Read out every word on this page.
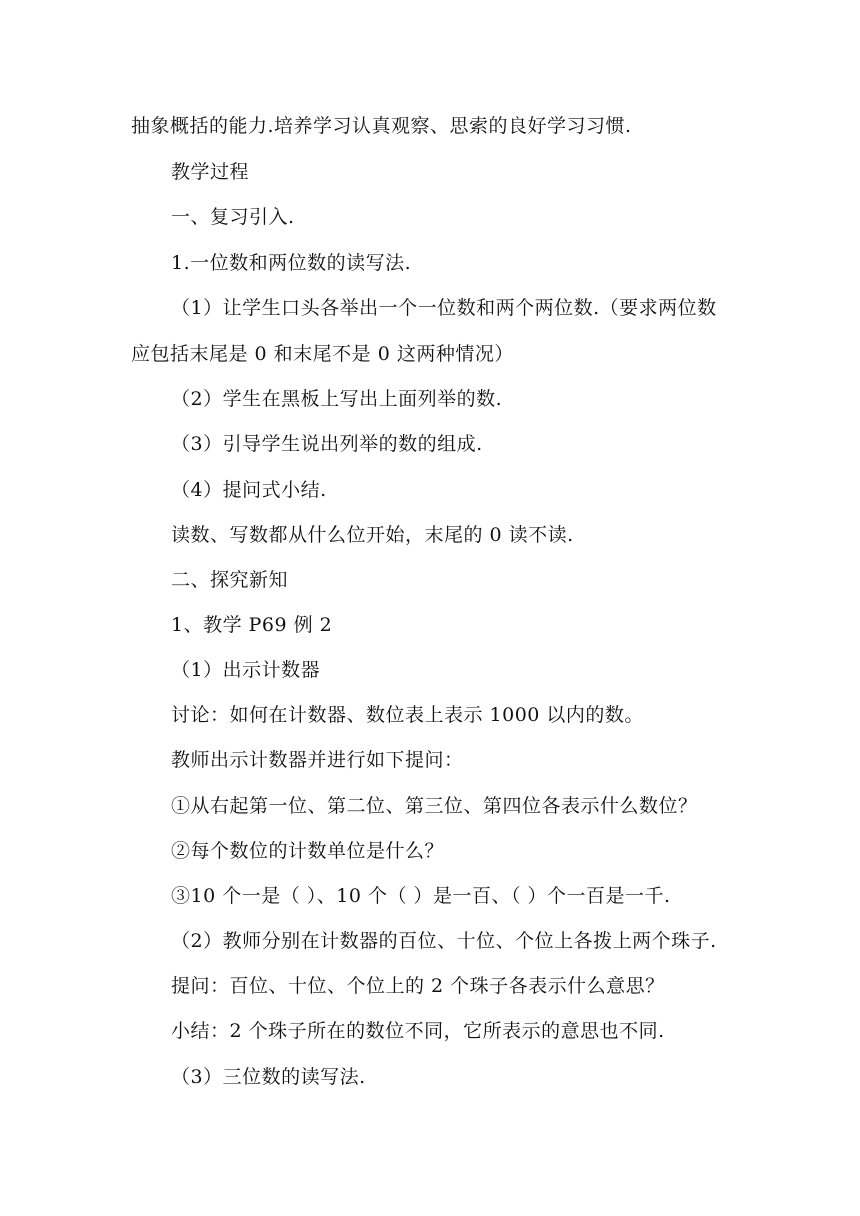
抽象概括的能力.培养学习认真观察、思索的良好学习习惯.
教学过程
一、复习引入.
1.一位数和两位数的读写法.
（1）让学生口头各举出一个一位数和两个两位数.（要求两位数
应包括末尾是 0 和末尾不是 0 这两种情况）
（2）学生在黑板上写出上面列举的数.
（3）引导学生说出列举的数的组成.
（4）提问式小结.
读数、写数都从什么位开始，末尾的 0 读不读.
二、探究新知
1、教学 P69 例 2
（1）出示计数器
讨论：如何在计数器、数位表上表示 1000 以内的数。
教师出示计数器并进行如下提问：
①从右起第一位、第二位、第三位、第四位各表示什么数位？
②每个数位的计数单位是什么？
③10 个一是（ ）、10 个（ ）是一百、（ ）个一百是一千.
（2）教师分别在计数器的百位、十位、个位上各拨上两个珠子.
提问：百位、十位、个位上的 2 个珠子各表示什么意思？
小结：2 个珠子所在的数位不同，它所表示的意思也不同.
（3）三位数的读写法.
